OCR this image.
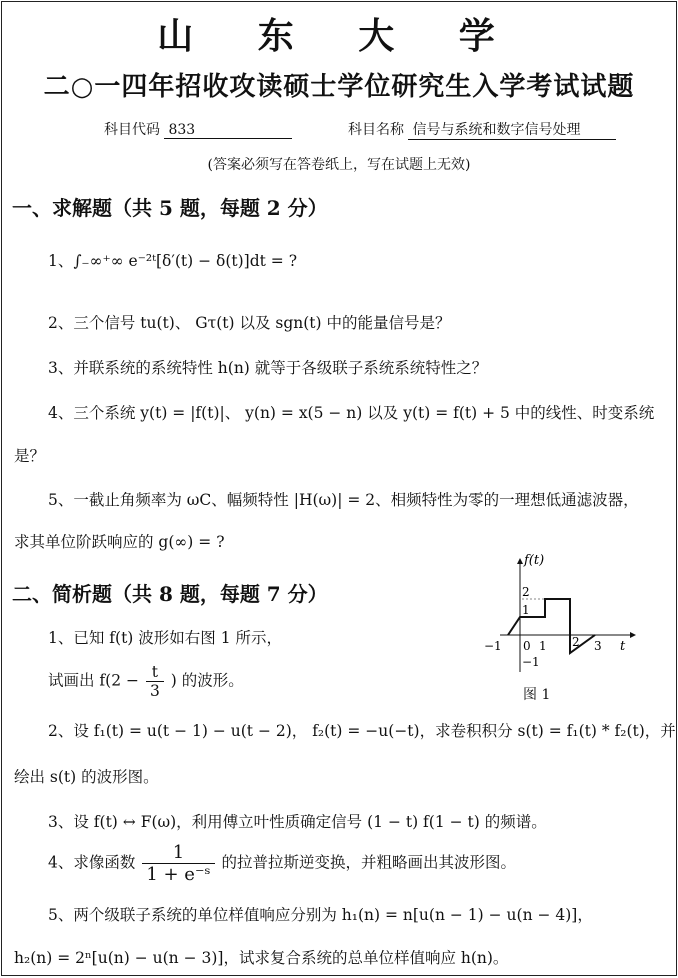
山 东 大 学
二○一四年招收攻读硕士学位研究生入学考试试题
科目代码 833	科目名称 信号与系统和数字信号处理
(答案必须写在答卷纸上，写在试题上无效)
一、求解题（共 5 题，每题 2 分）
1、∫₋∞⁺∞ e⁻²ᵗ[δ′(t) − δ(t)]dt = ?
2、三个信号 tu(t)、 Gτ(t) 以及 sgn(t) 中的能量信号是？
3、并联系统的系统特性 h(n) 就等于各级联子系统系统特性之？
4、三个系统 y(t) = |f(t)|、 y(n) = x(5 − n) 以及 y(t) = f(t) + 5 中的线性、时变系统
是？
5、一截止角频率为 ωC、幅频特性 |H(ω)| = 2、相频特性为零的一理想低通滤波器，
求其单位阶跃响应的 g(∞) = ?
二、简析题（共 8 题，每题 7 分）
1、已知 f(t) 波形如右图 1 所示，
试画出 $f(2 - \frac{t}{3}$ ) 的波形。
2、设 f₁(t) = u(t − 1) − u(t − 2)， f₂(t) = −u(−t)，求卷积积分 s(t) = f₁(t) * f₂(t)，并
绘出 s(t) 的波形图。
3、设 f(t) ↔ F(ω)，利用傅立叶性质确定信号 (1 − t) f(1 − t) 的频谱。
4、求像函数 $\frac{1}{\text{1 + e⁻ˢ}}$ 的拉普拉斯逆变换，并粗略画出其波形图。
5、两个级联子系统的单位样值响应分别为 h₁(n) = n[u(n − 1) − u(n − 4)]，
h₂(n) = 2ⁿ[u(n) − u(n − 3)]，试求复合系统的总单位样值响应 h(n)。
f(t)
t
2
1
−1
−1 0 1 2 3
图 1
